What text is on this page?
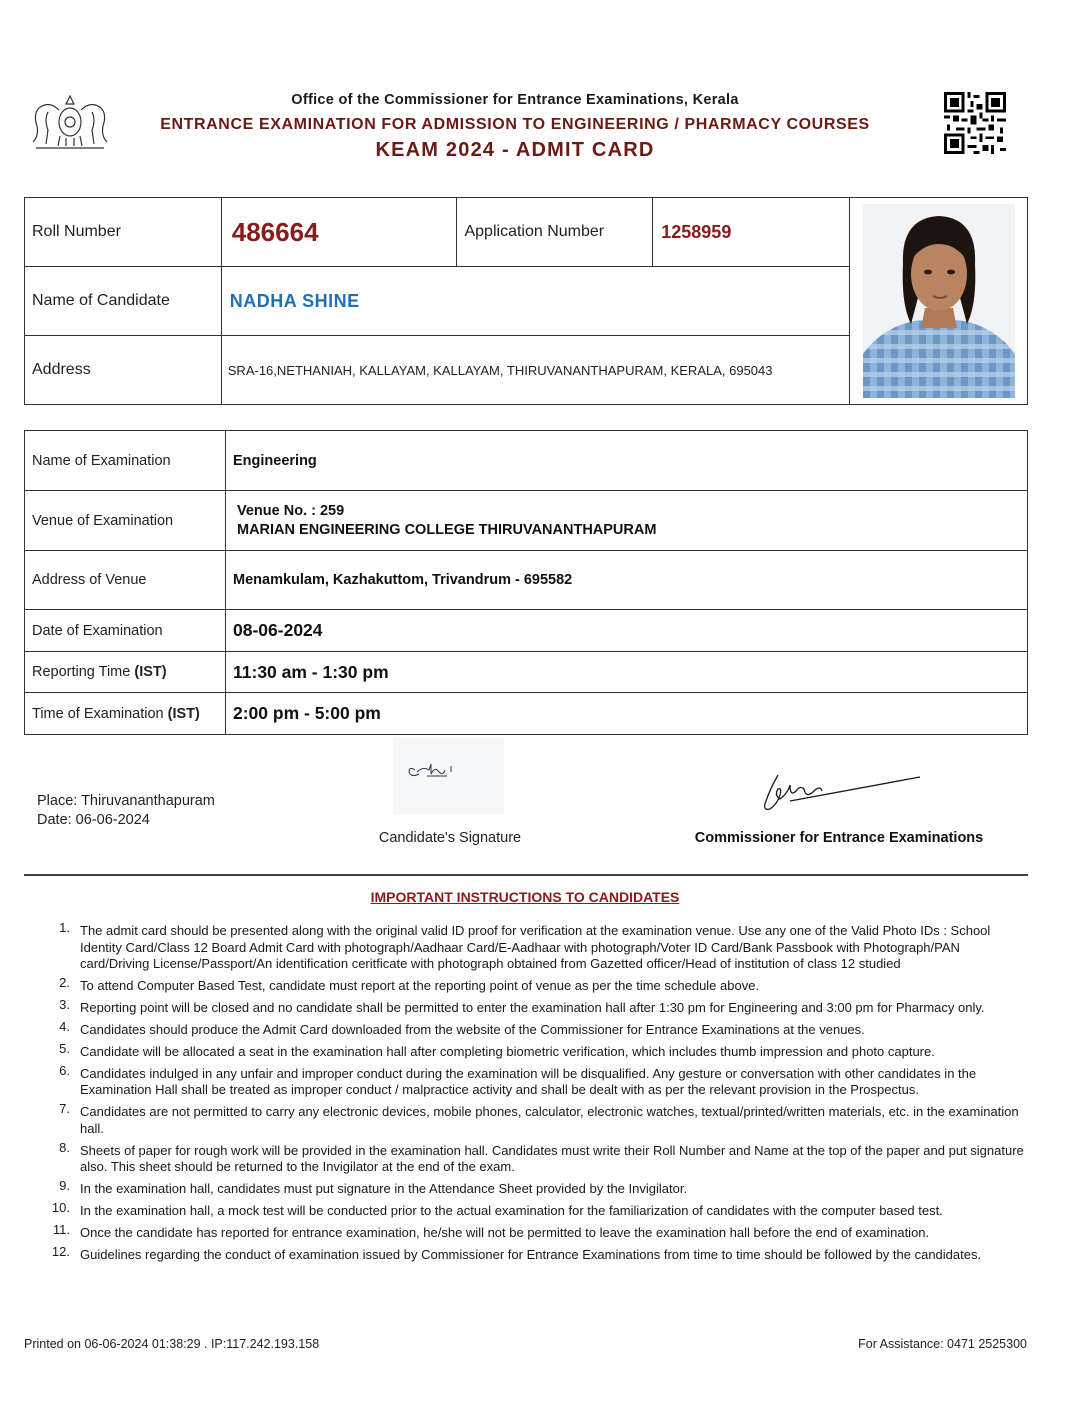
Office of the Commissioner for Entrance Examinations, Kerala
ENTRANCE EXAMINATION FOR ADMISSION TO ENGINEERING / PHARMACY COURSES
KEAM 2024 - ADMIT CARD
Roll Number	486664	Application Number	1258959	

Name of Candidate	NADHA SHINE			
Address	SRA-16,NETHANIAH, KALLAYAM, KALLAYAM, THIRUVANANTHAPURAM, KERALA, 695043			
Name of Examination	Engineering
Venue of Examination	Venue No. : 259
MARIAN ENGINEERING COLLEGE THIRUVANANTHAPURAM

Address of Venue	Menamkulam, Kazhakuttom, Trivandrum - 695582
Date of Examination	08-06-2024
Reporting Time (IST)	11:30 am - 1:30 pm
Time of Examination (IST)	2:00 pm - 5:00 pm
Place: Thiruvananthapuram
Date: 06-06-2024
Candidate's Signature	Commissioner for Entrance Examinations
IMPORTANT INSTRUCTIONS TO CANDIDATES
1. The admit card should be presented along with the original valid ID proof for verification at the examination venue. Use any one of the Valid Photo IDs : School Identity Card/Class 12 Board Admit Card with photograph/Aadhaar Card/E-Aadhaar with photograph/Voter ID Card/Bank Passbook with Photograph/PAN card/Driving License/Passport/An identification ceritficate with photograph obtained from Gazetted officer/Head of institution of class 12 studied
2. To attend Computer Based Test, candidate must report at the reporting point of venue as per the time schedule above.
3. Reporting point will be closed and no candidate shall be permitted to enter the examination hall after 1:30 pm for Engineering and 3:00 pm for Pharmacy only.
4. Candidates should produce the Admit Card downloaded from the website of the Commissioner for Entrance Examinations at the venues.
5. Candidate will be allocated a seat in the examination hall after completing biometric verification, which includes thumb impression and photo capture.
6. Candidates indulged in any unfair and improper conduct during the examination will be disqualified. Any gesture or conversation with other candidates in the Examination Hall shall be treated as improper conduct / malpractice activity and shall be dealt with as per the relevant provision in the Prospectus.
7. Candidates are not permitted to carry any electronic devices, mobile phones, calculator, electronic watches, textual/printed/written materials, etc. in the examination hall.
8. Sheets of paper for rough work will be provided in the examination hall. Candidates must write their Roll Number and Name at the top of the paper and put signature also. This sheet should be returned to the Invigilator at the end of the exam.
9. In the examination hall, candidates must put signature in the Attendance Sheet provided by the Invigilator.
10. In the examination hall, a mock test will be conducted prior to the actual examination for the familiarization of candidates with the computer based test.
11. Once the candidate has reported for entrance examination, he/she will not be permitted to leave the examination hall before the end of examination.
12. Guidelines regarding the conduct of examination issued by Commissioner for Entrance Examinations from time to time should be followed by the candidates.
Printed on 06-06-2024 01:38:29 . IP:117.242.193.158	For Assistance: 0471 2525300
